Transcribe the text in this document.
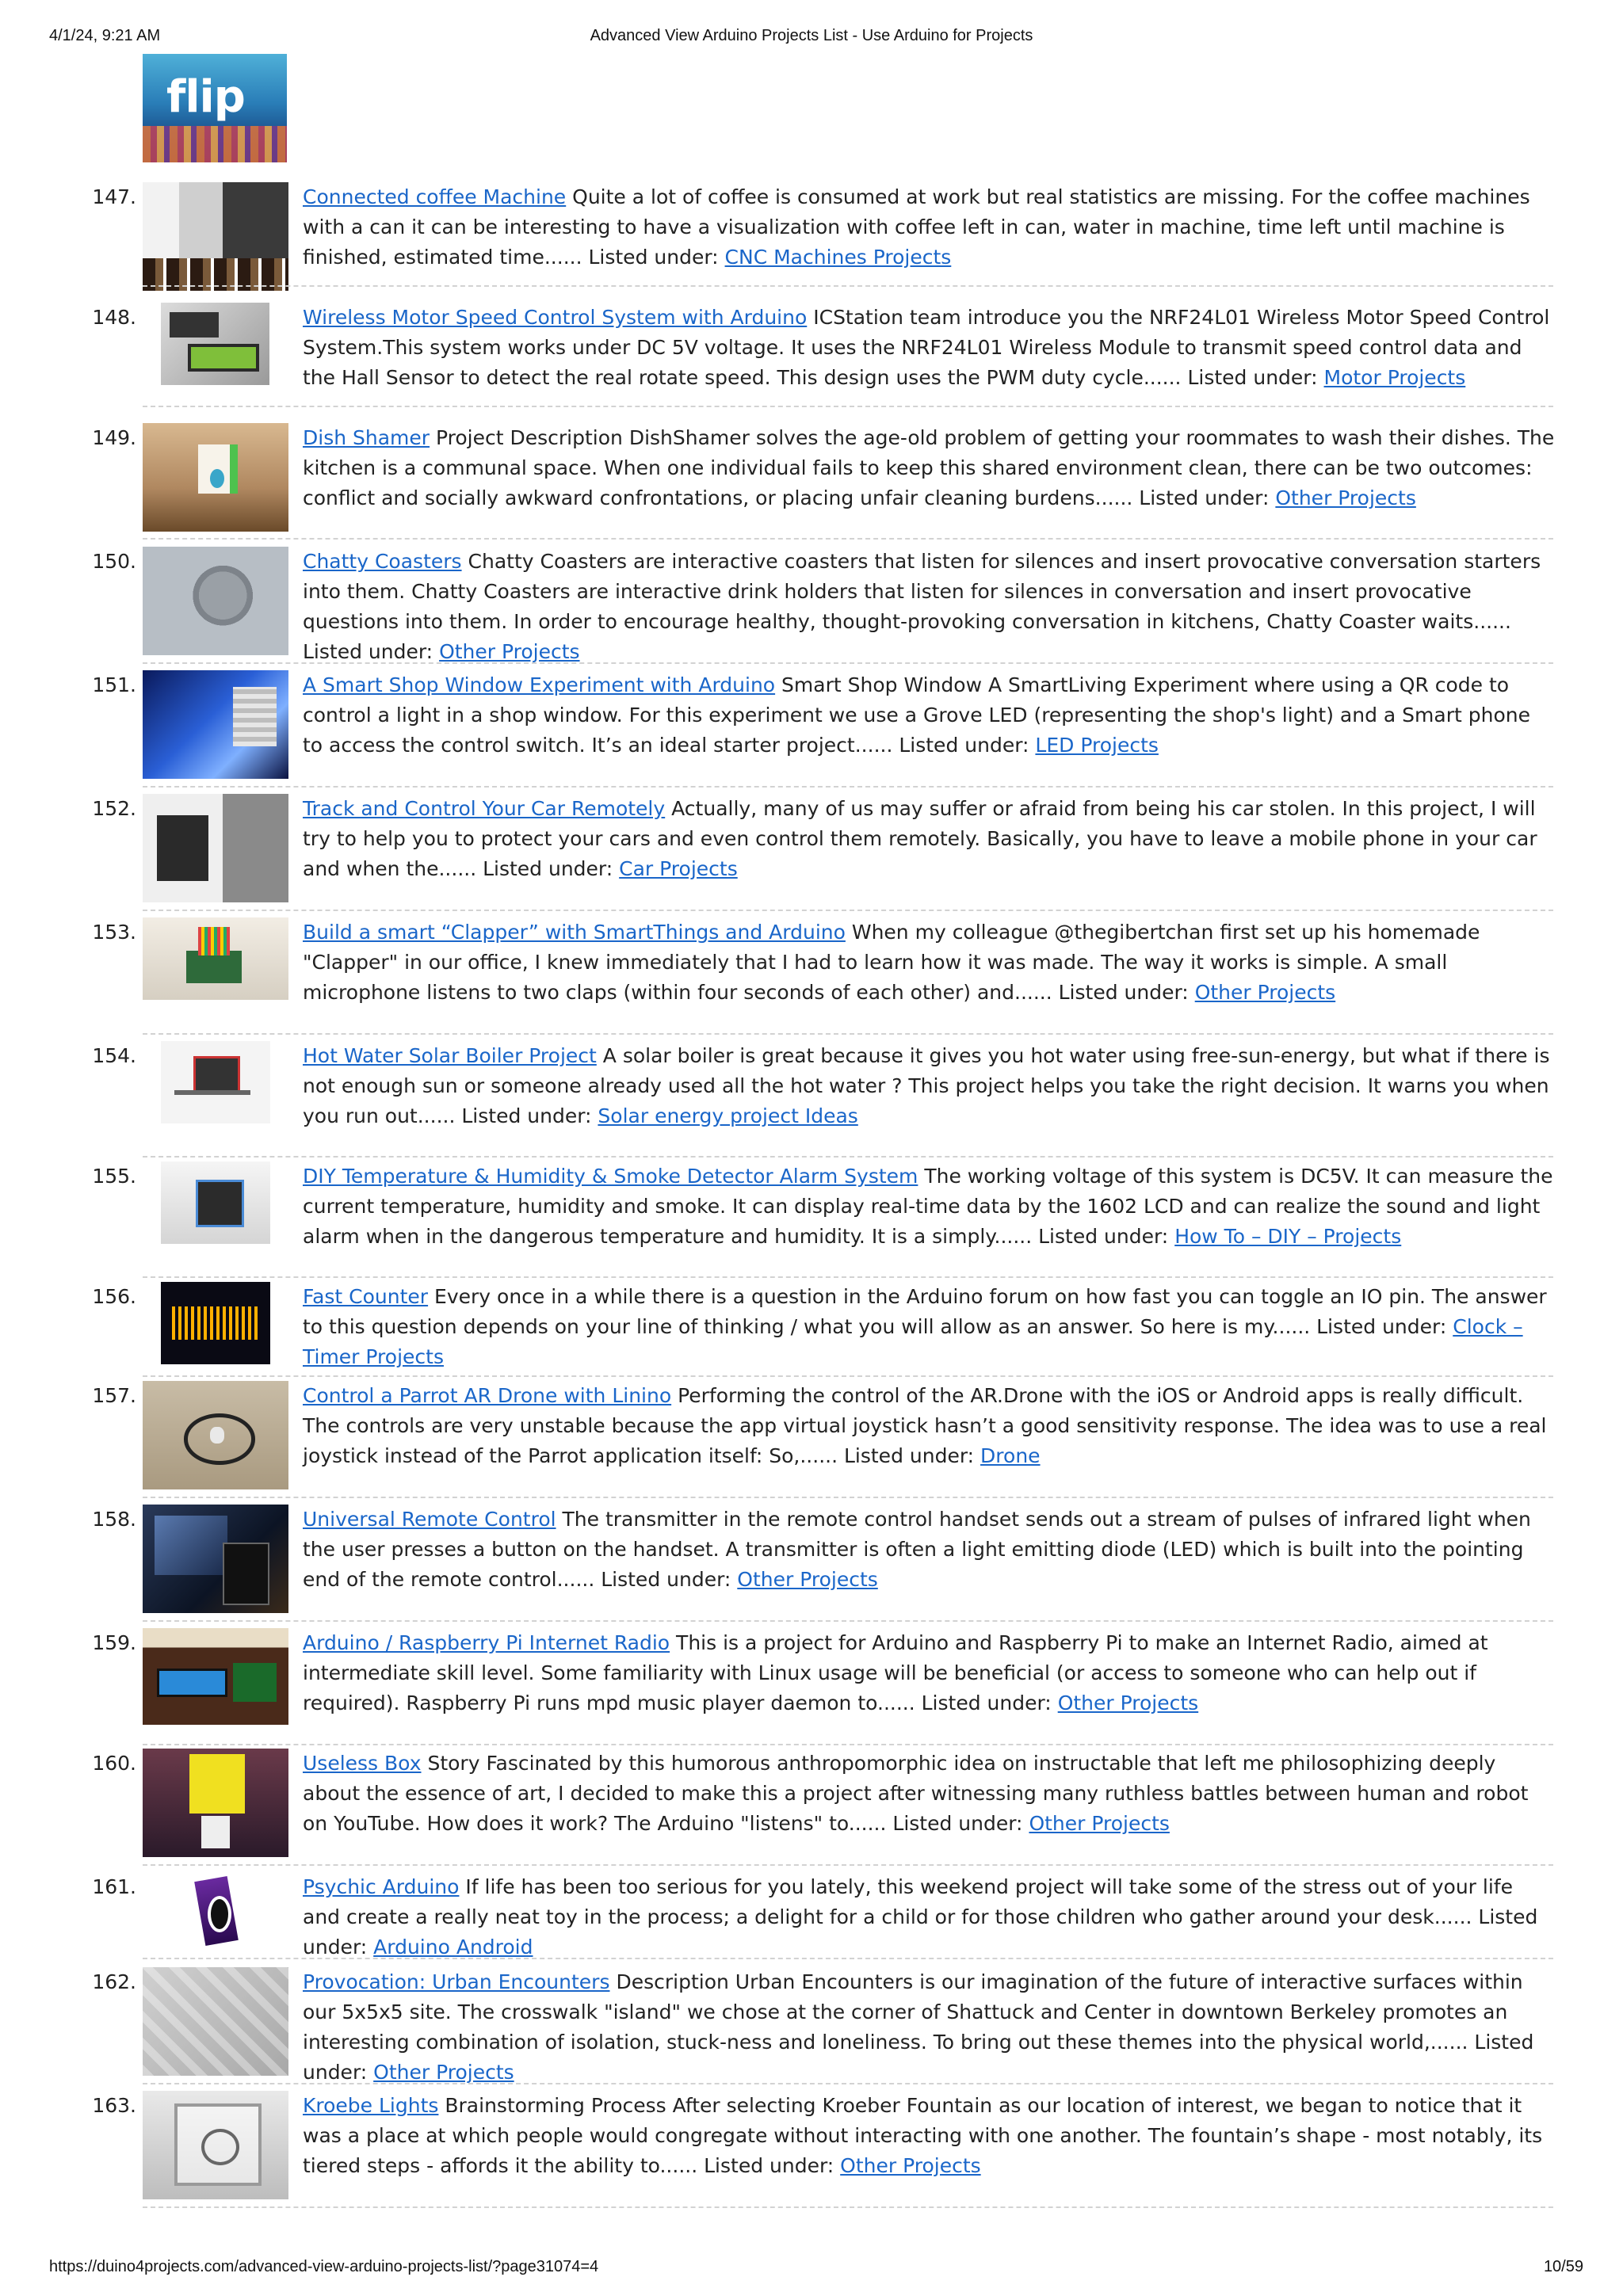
4/1/24, 9:21 AM	Advanced View Arduino Projects List - Use Arduino for Projects
flip
147.	Connected coffee Machine Quite a lot of coffee is consumed at work but real statistics are missing. For the coffee machines with a can it can be interesting to have a visualization with coffee left in can, water in machine, time left until machine is finished, estimated time...... Listed under: CNC Machines Projects
148.	Wireless Motor Speed Control System with Arduino ICStation team introduce you the NRF24L01 Wireless Motor Speed Control System.This system works under DC 5V voltage. It uses the NRF24L01 Wireless Module to transmit speed control data and the Hall Sensor to detect the real rotate speed. This design uses the PWM duty cycle...... Listed under: Motor Projects
149.	Dish Shamer Project Description DishShamer solves the age-old problem of getting your roommates to wash their dishes. The kitchen is a communal space. When one individual fails to keep this shared environment clean, there can be two outcomes: conflict and socially awkward confrontations, or placing unfair cleaning burdens...... Listed under: Other Projects
150.	Chatty Coasters Chatty Coasters are interactive coasters that listen for silences and insert provocative conversation starters into them. Chatty Coasters are interactive drink holders that listen for silences in conversation and insert provocative questions into them. In order to encourage healthy, thought-provoking conversation in kitchens, Chatty Coaster waits...... Listed under: Other Projects
151.	A Smart Shop Window Experiment with Arduino Smart Shop Window A SmartLiving Experiment where using a QR code to control a light in a shop window. For this experiment we use a Grove LED (representing the shop's light) and a Smart phone to access the control switch. It’s an ideal starter project...... Listed under: LED Projects
152.	Track and Control Your Car Remotely Actually, many of us may suffer or afraid from being his car stolen. In this project, I will try to help you to protect your cars and even control them remotely. Basically, you have to leave a mobile phone in your car and when the...... Listed under: Car Projects
153.	Build a smart “Clapper” with SmartThings and Arduino When my colleague @thegibertchan first set up his homemade "Clapper" in our office, I knew immediately that I had to learn how it was made. The way it works is simple. A small microphone listens to two claps (within four seconds of each other) and...... Listed under: Other Projects
154.	Hot Water Solar Boiler Project A solar boiler is great because it gives you hot water using free-sun-energy, but what if there is not enough sun or someone already used all the hot water ? This project helps you take the right decision. It warns you when you run out...... Listed under: Solar energy project Ideas
155.	DIY Temperature & Humidity & Smoke Detector Alarm System The working voltage of this system is DC5V. It can measure the current temperature, humidity and smoke. It can display real-time data by the 1602 LCD and can realize the sound and light alarm when in the dangerous temperature and humidity. It is a simply...... Listed under: How To – DIY – Projects
156.	Fast Counter Every once in a while there is a question in the Arduino forum on how fast you can toggle an IO pin. The answer to this question depends on your line of thinking / what you will allow as an answer. So here is my...... Listed under: Clock – Timer Projects
157.	Control a Parrot AR Drone with Linino Performing the control of the AR.Drone with the iOS or Android apps is really difficult. The controls are very unstable because the app virtual joystick hasn’t a good sensitivity response. The idea was to use a real joystick instead of the Parrot application itself: So,...... Listed under: Drone
158.	Universal Remote Control The transmitter in the remote control handset sends out a stream of pulses of infrared light when the user presses a button on the handset. A transmitter is often a light emitting diode (LED) which is built into the pointing end of the remote control...... Listed under: Other Projects
159.	Arduino / Raspberry Pi Internet Radio This is a project for Arduino and Raspberry Pi to make an Internet Radio, aimed at intermediate skill level. Some familiarity with Linux usage will be beneficial (or access to someone who can help out if required). Raspberry Pi runs mpd music player daemon to...... Listed under: Other Projects
160.	Useless Box Story Fascinated by this humorous anthropomorphic idea on instructable that left me philosophizing deeply about the essence of art, I decided to make this a project after witnessing many ruthless battles between human and robot on YouTube. How does it work? The Arduino "listens" to...... Listed under: Other Projects
161.	Psychic Arduino If life has been too serious for you lately, this weekend project will take some of the stress out of your life and create a really neat toy in the process; a delight for a child or for those children who gather around your desk...... Listed under: Arduino Android
162.	Provocation: Urban Encounters Description Urban Encounters is our imagination of the future of interactive surfaces within our 5x5x5 site. The crosswalk "island" we chose at the corner of Shattuck and Center in downtown Berkeley promotes an interesting combination of isolation, stuck-ness and loneliness. To bring out these themes into the physical world,...... Listed under: Other Projects
163.	Kroebe Lights Brainstorming Process After selecting Kroeber Fountain as our location of interest, we began to notice that it was a place at which people would congregate without interacting with one another. The fountain’s shape - most notably, its tiered steps - affords it the ability to...... Listed under: Other Projects
https://duino4projects.com/advanced-view-arduino-projects-list/?page31074=4	10/59
